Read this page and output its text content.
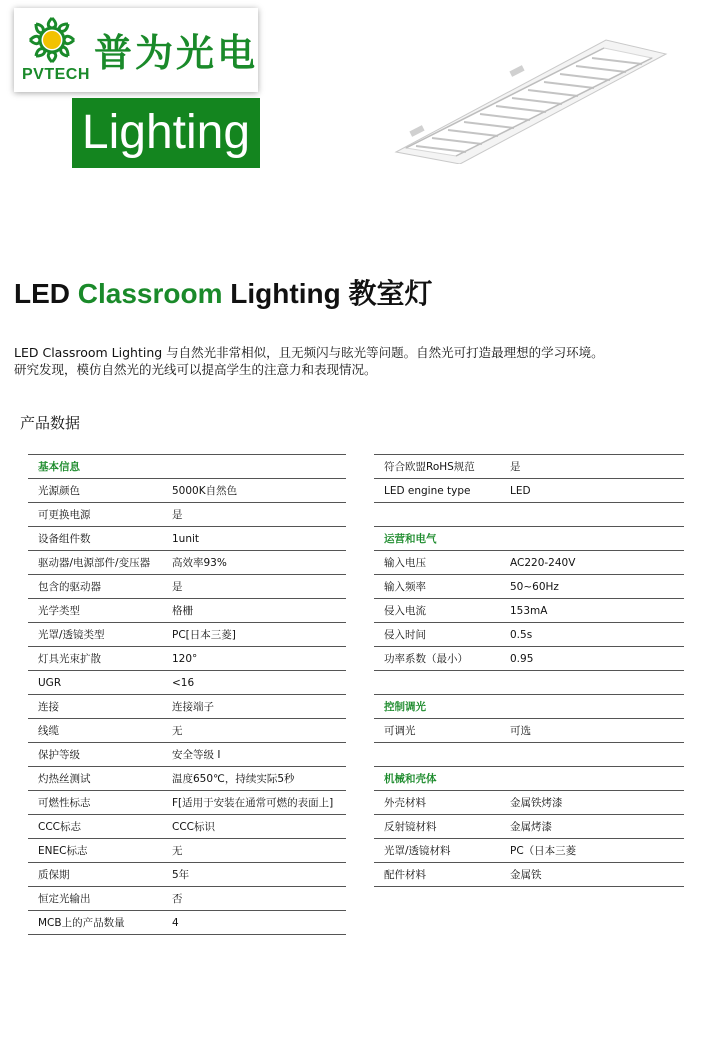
PVTECH 普为光电
Lighting
LED Classroom Lighting 教室灯

LED Classroom Lighting 与自然光非常相似，且无频闪与眩光等问题。自然光可打造最理想的学习环境。

研究发现，模仿自然光的光线可以提高学生的注意力和表现情况。

产品数据
基本信息
光源颜色	5000K自然色
可更换电源	是
设备组件数	1unit
驱动器/电源部件/变压器	高效率93%
包含的驱动器	是
光学类型	格栅
光罩/透镜类型	PC[日本三菱]
灯具光束扩散	120°
UGR	<16
连接	连接端子
线缆	无
保护等级	安全等级 I
灼热丝测试	温度650℃，持续实际5秒
可燃性标志	F[适用于安装在通常可燃的表面上]
CCC标志	CCC标识
ENEC标志	无
质保期	5年
恒定光输出	否
MCB上的产品数量	4
符合欧盟RoHS规范	是
LED engine type	LED
运营和电气
输入电压	AC220-240V
输入频率	50~60Hz
侵入电流	153mA
侵入时间	0.5s
功率系数（最小）	0.95
控制调光
可调光	可选
机械和壳体
外壳材料	金属铁烤漆
反射镜材料	金属烤漆
光罩/透镜材料	PC（日本三菱
配件材料	金属铁
